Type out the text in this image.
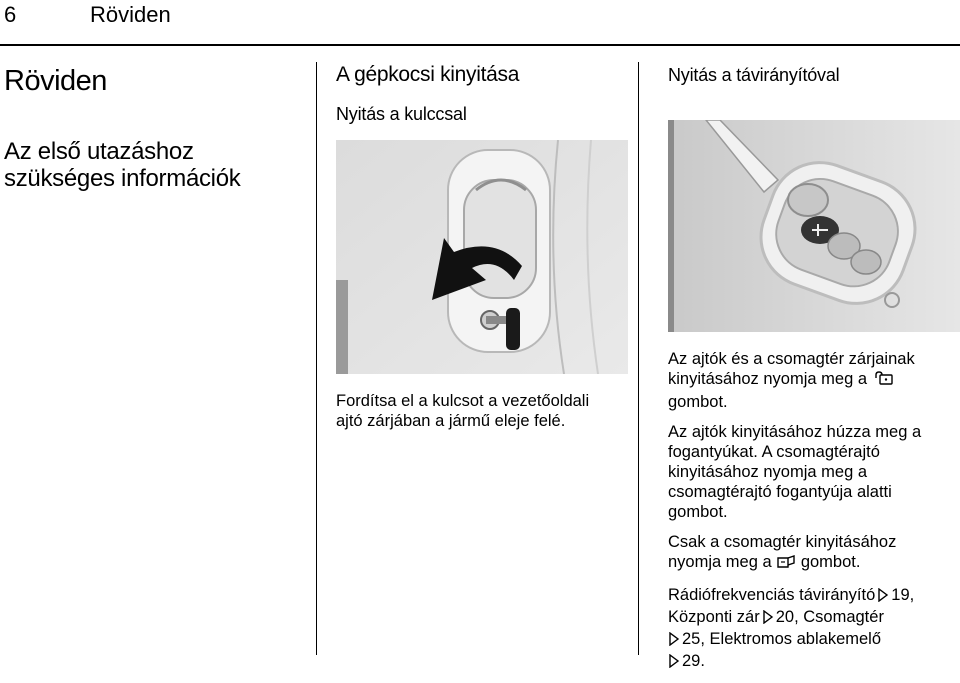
6	Röviden
Röviden
Az első utazáshoz
szükséges információk
A gépkocsi kinyitása
Nyitás a kulccsal
Fordítsa el a kulcsot a vezetőoldali
ajtó zárjában a jármű eleje felé.
Nyitás a távirányítóval
Az ajtók és a csomagtér zárjainak
kinyitásához nyomja meg a
gombot.
Az ajtók kinyitásához húzza meg a
fogantyúkat. A csomagtérajtó
kinyitásához nyomja meg a
csomagtérajtó fogantyúja alatti
gombot.
Csak a csomagtér kinyitásához
nyomja meg a gombot.
Rádiófrekvenciás távirányító 19,
Központi zár 20, Csomagtér
25, Elektromos ablakemelő
29.
